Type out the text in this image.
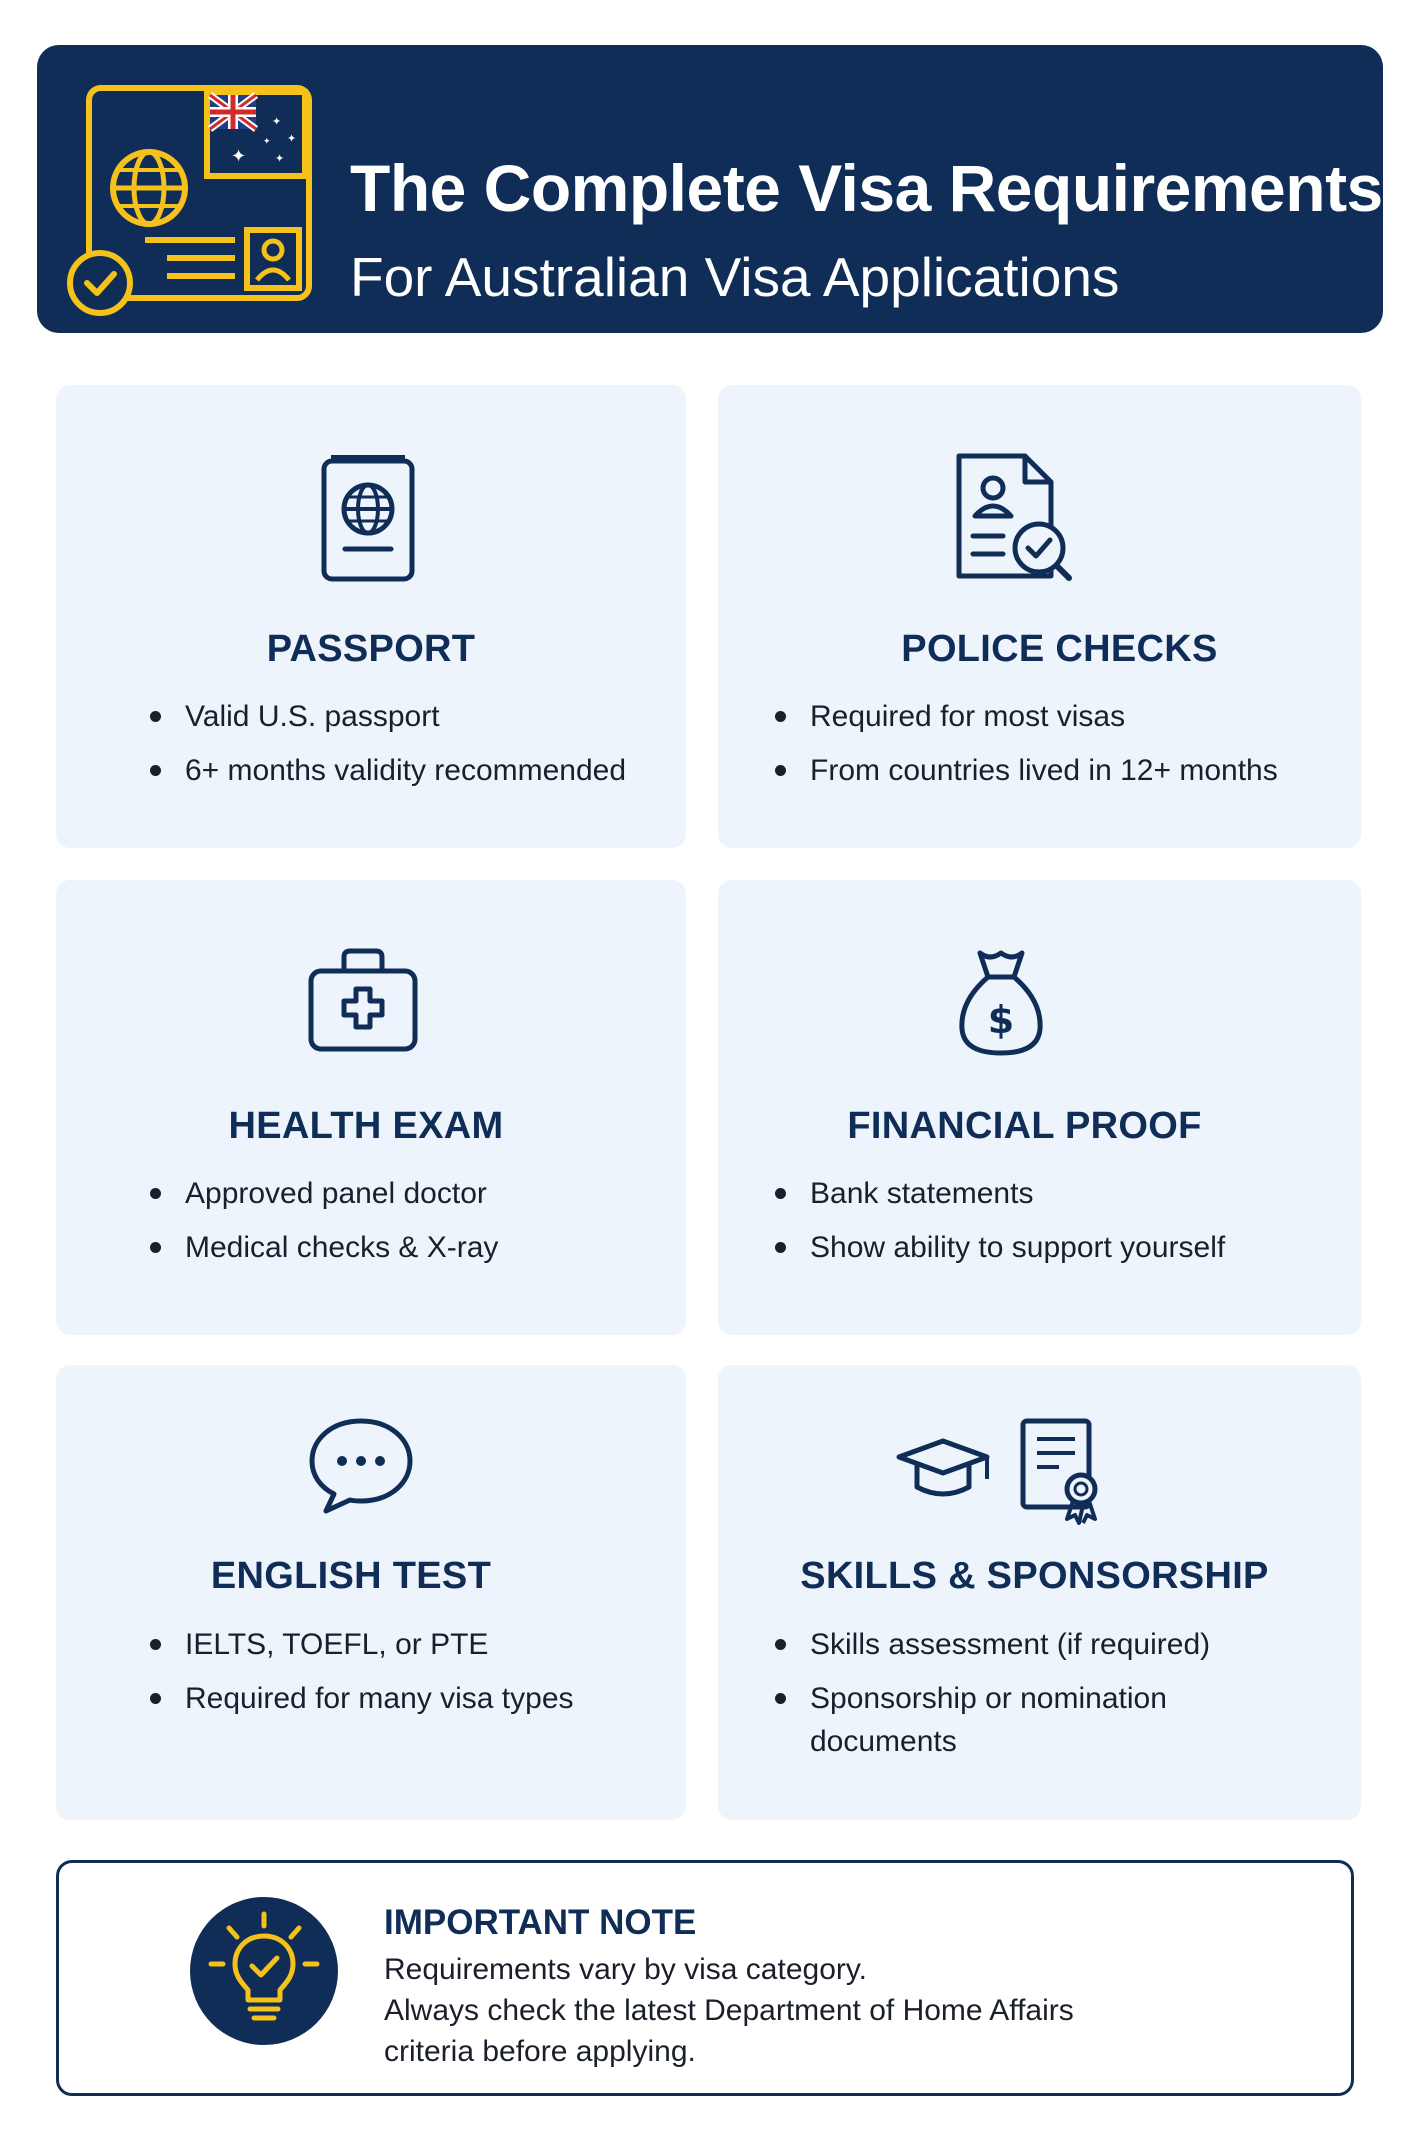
✦
✦
✦
✦
✦
The Complete Visa Requirements
For Australian Visa Applications
PASSPORT
Valid U.S. passport
6+ months validity recommended
POLICE CHECKS
Required for most visas
From countries lived in 12+ months
HEALTH EXAM
Approved panel doctor
Medical checks & X-ray
$
FINANCIAL PROOF
Bank statements
Show ability to support yourself
ENGLISH TEST
IELTS, TOEFL, or PTE
Required for many visa types
SKILLS & SPONSORSHIP
Skills assessment (if required)
Sponsorship or nomination documents
IMPORTANT NOTE
Requirements vary by visa category.
Always check the latest Department of Home Affairs
criteria before applying.
